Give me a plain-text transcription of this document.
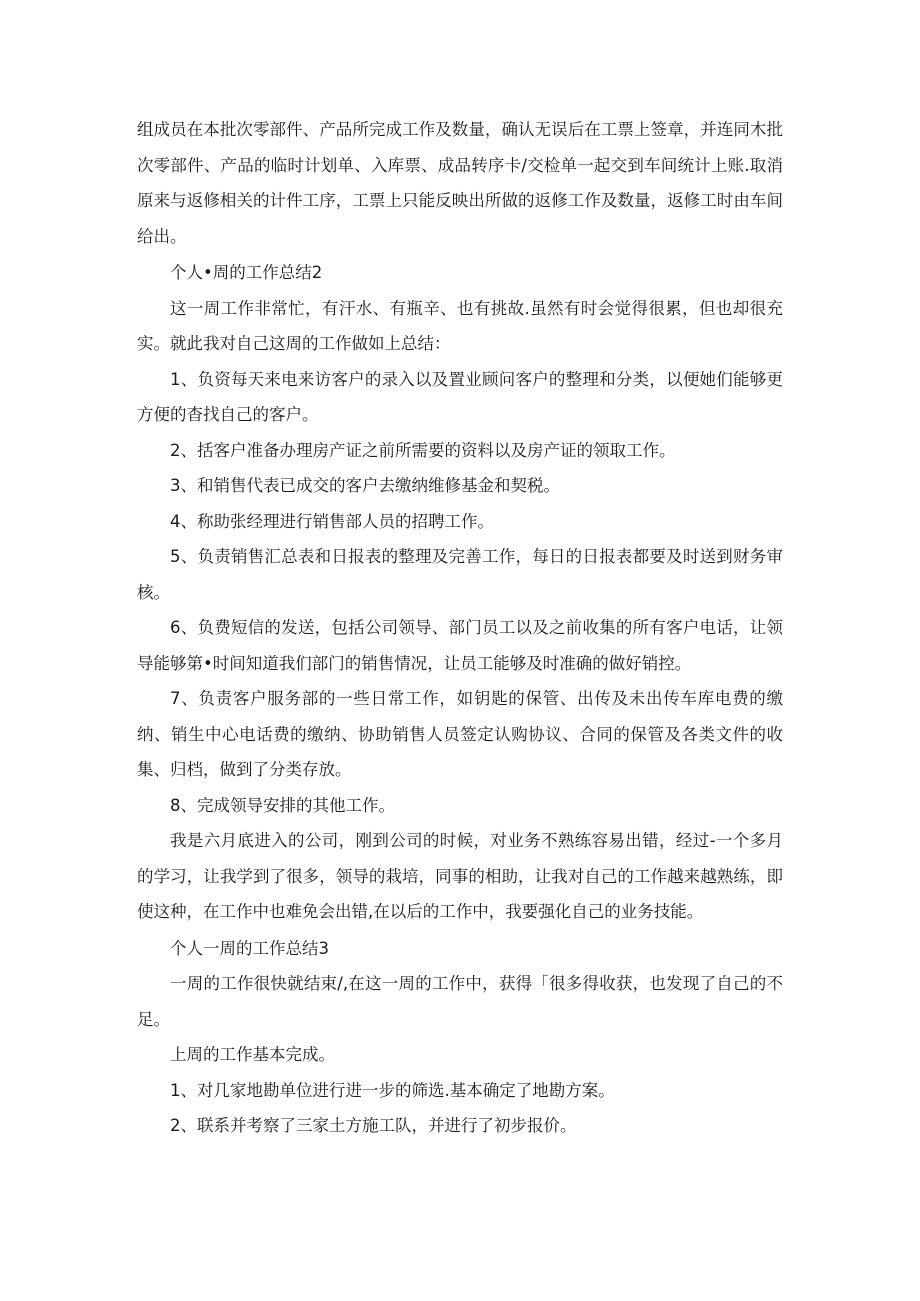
组成员在本批次零部件、产品所完成工作及数量，确认无误后在工票上签章，并连同木批次零部件、产品的临时计划单、入库票、成品转序卡/交检单一起交到车间统计上账.取消原来与返修相关的计件工序，工票上只能反映出所做的返修工作及数量，返修工时由车间给出。

个人•周的工作总结2

这一周工作非常忙，有汗水、有瓶辛、也有挑故.虽然有时会觉得很累，但也却很充实。就此我对自己这周的工作做如上总结：

1、负资每天来电来访客户的录入以及置业顾问客户的整理和分类，以便她们能够更方便的杳找自己的客户。

2、括客户准备办理房产证之前所需要的资料以及房产证的领取工作。

3、和销售代表已成交的客户去缴纳维修基金和契税。

4、称助张经理进行销售部人员的招聘工作。

5、负责销售汇总表和日报表的整理及完善工作，每日的日报表都要及时送到财务审核。

6、负费短信的发送，包括公司领导、部门员工以及之前收集的所有客户电话，让领导能够第•时间知道我们部门的销售情况，让员工能够及时准确的做好销控。

7、负责客户服务部的一些日常工作，如钥匙的保管、出传及未出传车库电费的缴纳、销生中心电话费的缴纳、协助销售人员签定认购协议、合同的保管及各类文件的收集、归档，做到了分类存放。

8、完成领导安排的其他工作。

我是六月底进入的公司，刚到公司的时候，对业务不熟练容易出错，经过-一个多月的学习，让我学到了很多，领导的栽培，同事的相助，让我对自己的工作越来越熟练，即使这种，在工作中也难免会出错,在以后的工作中，我要强化自己的业务技能。

个人一周的工作总结3

一周的工作很快就结束/,在这一周的工作中，获得「很多得收获，也发现了自己的不足。

上周的工作基本完成。

1、对几家地勘单位进行进一步的筛选.基本确定了地勘方案。

2、联系并考察了三家土方施工队，并进行了初步报价。
